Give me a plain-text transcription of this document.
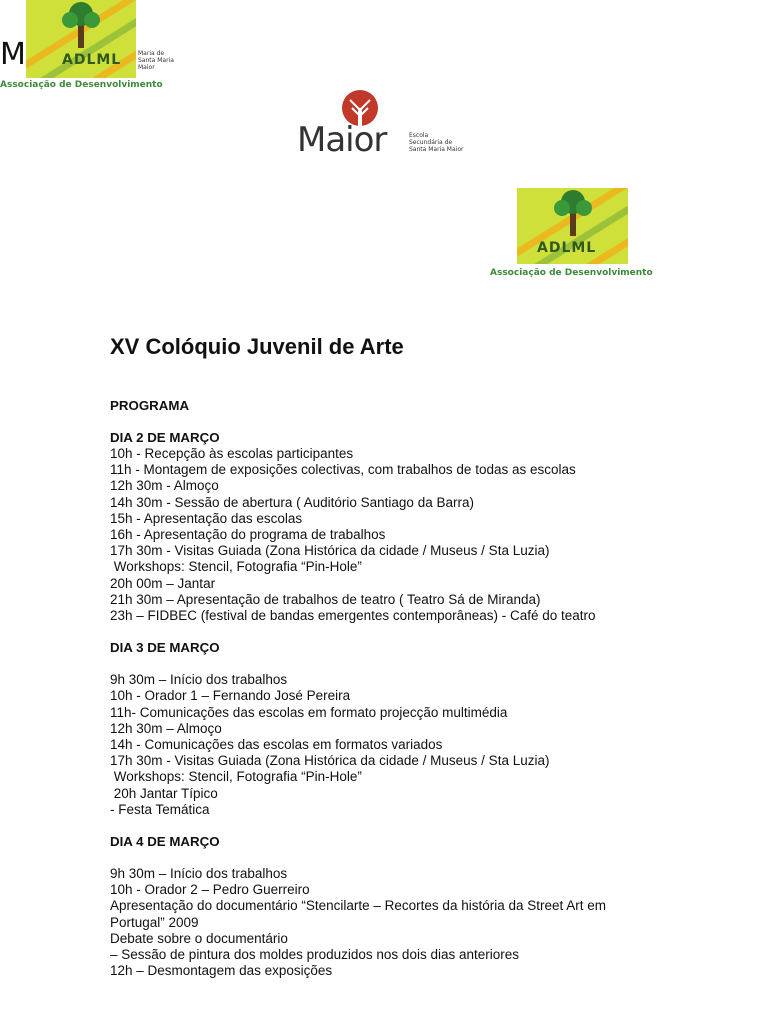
ADLML
M	Maria de
Santa Maria Maior
Associação de Desenvolvimento
Maior	Escola
Secundária de
Santa Maria Maior
ADLML
Associação de Desenvolvimento
XV Colóquio Juvenil de Arte
PROGRAMA
DIA 2 DE MARÇO
10h - Recepção às escolas participantes
11h - Montagem de exposições colectivas, com trabalhos de todas as escolas
12h 30m - Almoço
14h 30m - Sessão de abertura ( Auditório Santiago da Barra)
15h - Apresentação das escolas
16h - Apresentação do programa de trabalhos
17h 30m - Visitas Guiada (Zona Histórica da cidade / Museus / Sta Luzia)
Workshops: Stencil, Fotografia “Pin-Hole”
20h 00m – Jantar
21h 30m – Apresentação de trabalhos de teatro ( Teatro Sá de Miranda)
23h – FIDBEC (festival de bandas emergentes contemporâneas) - Café do teatro
DIA 3 DE MARÇO
9h 30m – Início dos trabalhos
10h - Orador 1 – Fernando José Pereira
11h- Comunicações das escolas em formato projecção multimédia
12h 30m – Almoço
14h - Comunicações das escolas em formatos variados
17h 30m - Visitas Guiada (Zona Histórica da cidade / Museus / Sta Luzia)
Workshops: Stencil, Fotografia “Pin-Hole”
20h Jantar Típico
- Festa Temática
DIA 4 DE MARÇO
9h 30m – Início dos trabalhos
10h - Orador 2 – Pedro Guerreiro
Apresentação do documentário “Stencilarte – Recortes da história da Street Art em
Portugal” 2009
Debate sobre o documentário
– Sessão de pintura dos moldes produzidos nos dois dias anteriores
12h – Desmontagem das exposições
